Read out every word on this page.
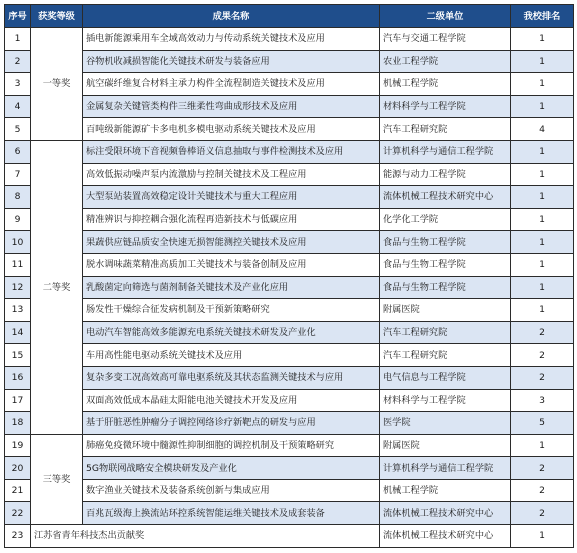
序号	获奖等级	成果名称	二级单位	我校排名
1	一等奖	插电新能源乘用车全域高效动力与传动系统关键技术及应用	汽车与交通工程学院	1
2		谷物机收减损智能化关键技术研发与装备应用	农业工程学院	1
3		航空碳纤维复合材料主承力构件全流程制造关键技术及应用	机械工程学院	1
4		金属复杂关键管类构件三维柔性弯曲成形技术及应用	材料科学与工程学院	1
5		百吨级新能源矿卡多电机多模电驱动系统关键技术及应用	汽车工程研究院	4
6	二等奖	标注受限环境下音视频鲁棒语义信息抽取与事件检测技术及应用	计算机科学与通信工程学院	1
7		高效低振动噪声泵内流激励与控制关键技术及工程应用	能源与动力工程学院	1
8		大型泵站装置高效稳定设计关键技术与重大工程应用	流体机械工程技术研究中心	1
9		精准辨识与抑控耦合强化流程再造新技术与低碳应用	化学化工学院	1
10		果蔬供应链品质安全快速无损智能测控关键技术及应用	食品与生物工程学院	1
11		脱水调味蔬菜精准高质加工关键技术与装备创制及应用	食品与生物工程学院	1
12		乳酸菌定向筛选与菌剂制备关键技术及产业化应用	食品与生物工程学院	1
13		肠发性干燥综合征发病机制及干预新策略研究	附属医院	1
14		电动汽车智能高效多能源充电系统关键技术研发及产业化	汽车工程研究院	2
15		车用高性能电驱动系统关键技术及应用	汽车工程研究院	2
16		复杂多变工况高效高可靠电驱系统及其状态监测关键技术与应用	电气信息与工程学院	2
17		双面高效低成本晶硅太阳能电池关键技术开发及应用	材料科学与工程学院	3
18		基于肝脏恶性肿瘤分子调控网络诊疗新靶点的研发与应用	医学院	5
19	三等奖	肺癌免疫微环境中髓源性抑制细胞的调控机制及干预策略研究	附属医院	1
20		5G物联网战略安全模块研发及产业化	计算机科学与通信工程学院	2
21		数字渔业关键技术及装备系统创新与集成应用	机械工程学院	2
22		百兆瓦级海上换流站环控系统智能运维关键技术及成套装备	流体机械工程技术研究中心	2
23	江苏省青年科技杰出贡献奖		流体机械工程技术研究中心	1
